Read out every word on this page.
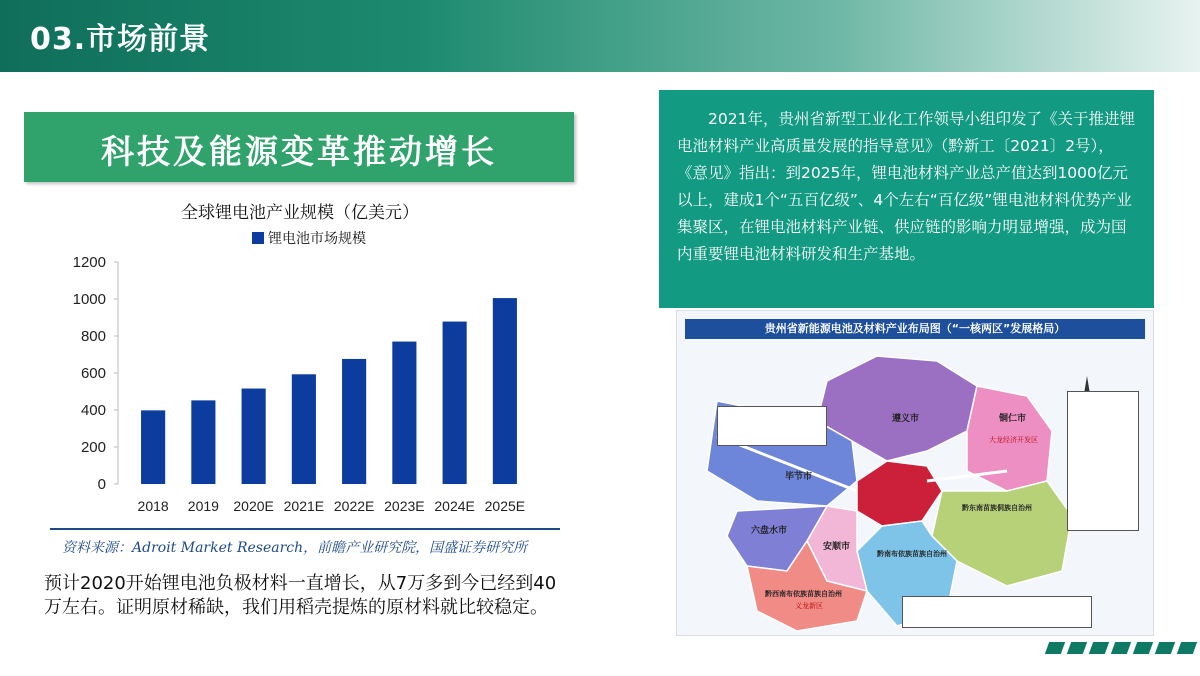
03.市场前景
科技及能源变革推动增长
全球锂电池产业规模（亿美元）
锂电池市场规模
0
200
400
600
800
1000
1200
2018 2019 2020E 2021E 2022E 2023E 2024E 2025E
资料来源：Adroit Market Research，前瞻产业研究院，国盛证券研究所
预计2020开始锂电池负极材料一直增长，从7万多到今已经到40万左右。证明原材稀缺，我们用稻壳提炼的原材料就比较稳定。

2021年，贵州省新型工业化工作领导小组印发了《关于推进锂电池材料产业高质量发展的指导意见》（黔新工〔2021〕2号），《意见》指出：到2025年，锂电池材料产业总产值达到1000亿元以上，建成1个“五百亿级”、4个左右“百亿级”锂电池材料优势产业集聚区，在锂电池材料产业链、供应链的影响力明显增强，成为国内重要锂电池材料研发和生产基地。

贵州省新能源电池及材料产业布局图（“一核两区”发展格局）
遵义市	铜仁市
毕节市
六盘水市
安顺市
黔南布依族苗族自治州
黔东南苗族侗族自治州
黔西南布依族苗族自治州
大龙经济开发区
义龙新区
